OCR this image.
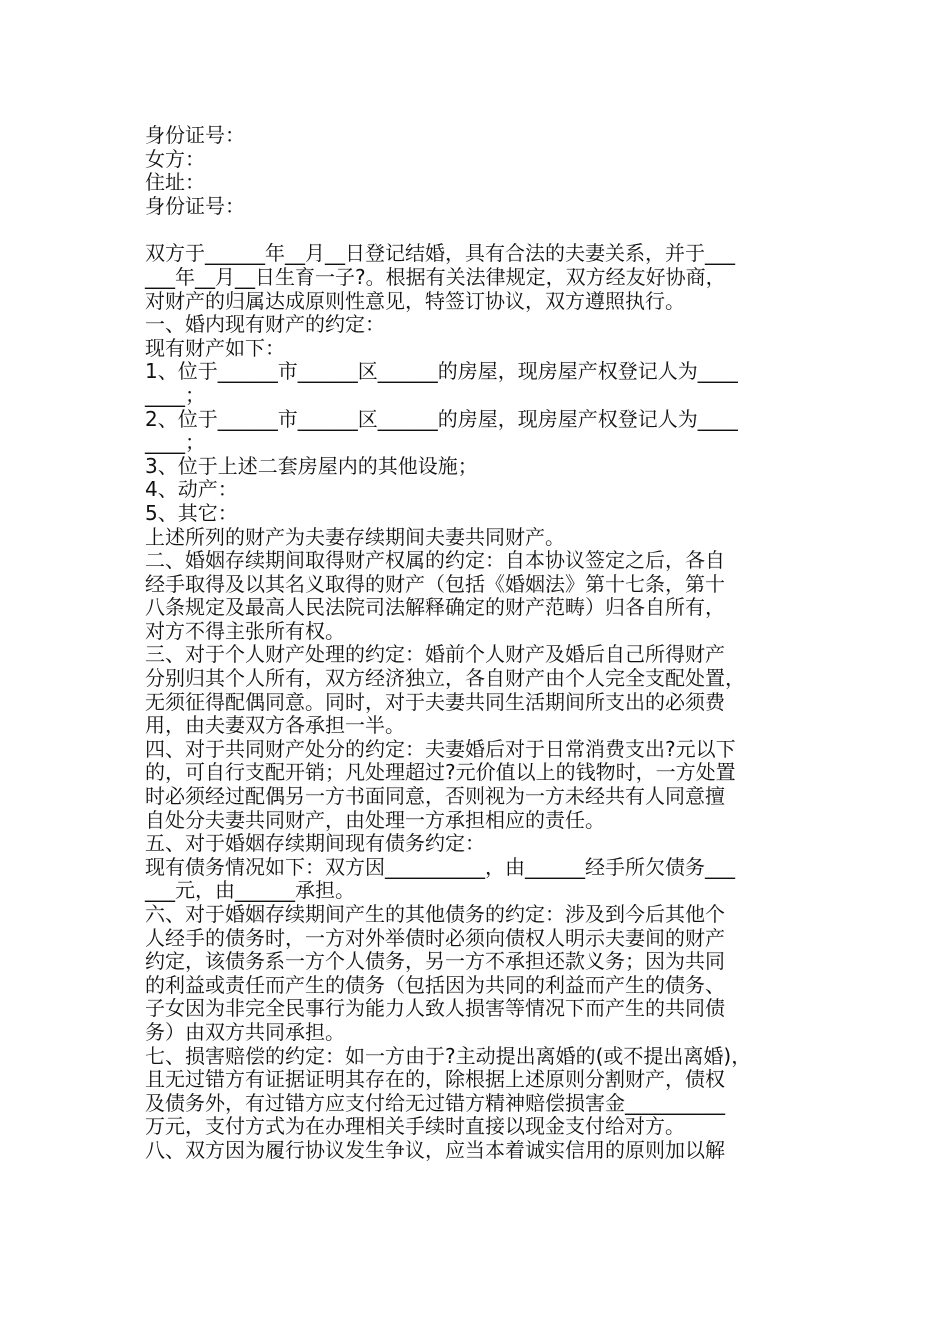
身份证号：
女方：
住址：
身份证号：
双方于______年__月__日登记结婚，具有合法的夫妻关系，并于___
___年__月__日生育一子?。根据有关法律规定，双方经友好协商，
对财产的归属达成原则性意见，特签订协议，双方遵照执行。
一、婚内现有财产的约定：
现有财产如下：
1、位于______市______区______的房屋，现房屋产权登记人为____
____；
2、位于______市______区______的房屋，现房屋产权登记人为____
____；
3、位于上述二套房屋内的其他设施；
4、动产：
5、其它：
上述所列的财产为夫妻存续期间夫妻共同财产。
二、婚姻存续期间取得财产权属的约定：自本协议签定之后，各自
经手取得及以其名义取得的财产（包括《婚姻法》第十七条，第十
八条规定及最高人民法院司法解释确定的财产范畴）归各自所有，
对方不得主张所有权。
三、对于个人财产处理的约定：婚前个人财产及婚后自己所得财产
分别归其个人所有，双方经济独立，各自财产由个人完全支配处置，
无须征得配偶同意。同时，对于夫妻共同生活期间所支出的必须费
用，由夫妻双方各承担一半。
四、对于共同财产处分的约定：夫妻婚后对于日常消费支出?元以下
的，可自行支配开销；凡处理超过?元价值以上的钱物时，一方处置
时必须经过配偶另一方书面同意，否则视为一方未经共有人同意擅
自处分夫妻共同财产，由处理一方承担相应的责任。
五、对于婚姻存续期间现有债务约定：
现有债务情况如下：双方因__________，由______经手所欠债务___
___元，由______承担。
六、对于婚姻存续期间产生的其他债务的约定：涉及到今后其他个
人经手的债务时，一方对外举债时必须向债权人明示夫妻间的财产
约定，该债务系一方个人债务，另一方不承担还款义务；因为共同
的利益或责任而产生的债务（包括因为共同的利益而产生的债务、
子女因为非完全民事行为能力人致人损害等情况下而产生的共同债
务）由双方共同承担。
七、损害赔偿的约定：如一方由于?主动提出离婚的(或不提出离婚)，
且无过错方有证据证明其存在的，除根据上述原则分割财产，债权
及债务外，有过错方应支付给无过错方精神赔偿损害金__________
万元，支付方式为在办理相关手续时直接以现金支付给对方。
八、双方因为履行协议发生争议，应当本着诚实信用的原则加以解
